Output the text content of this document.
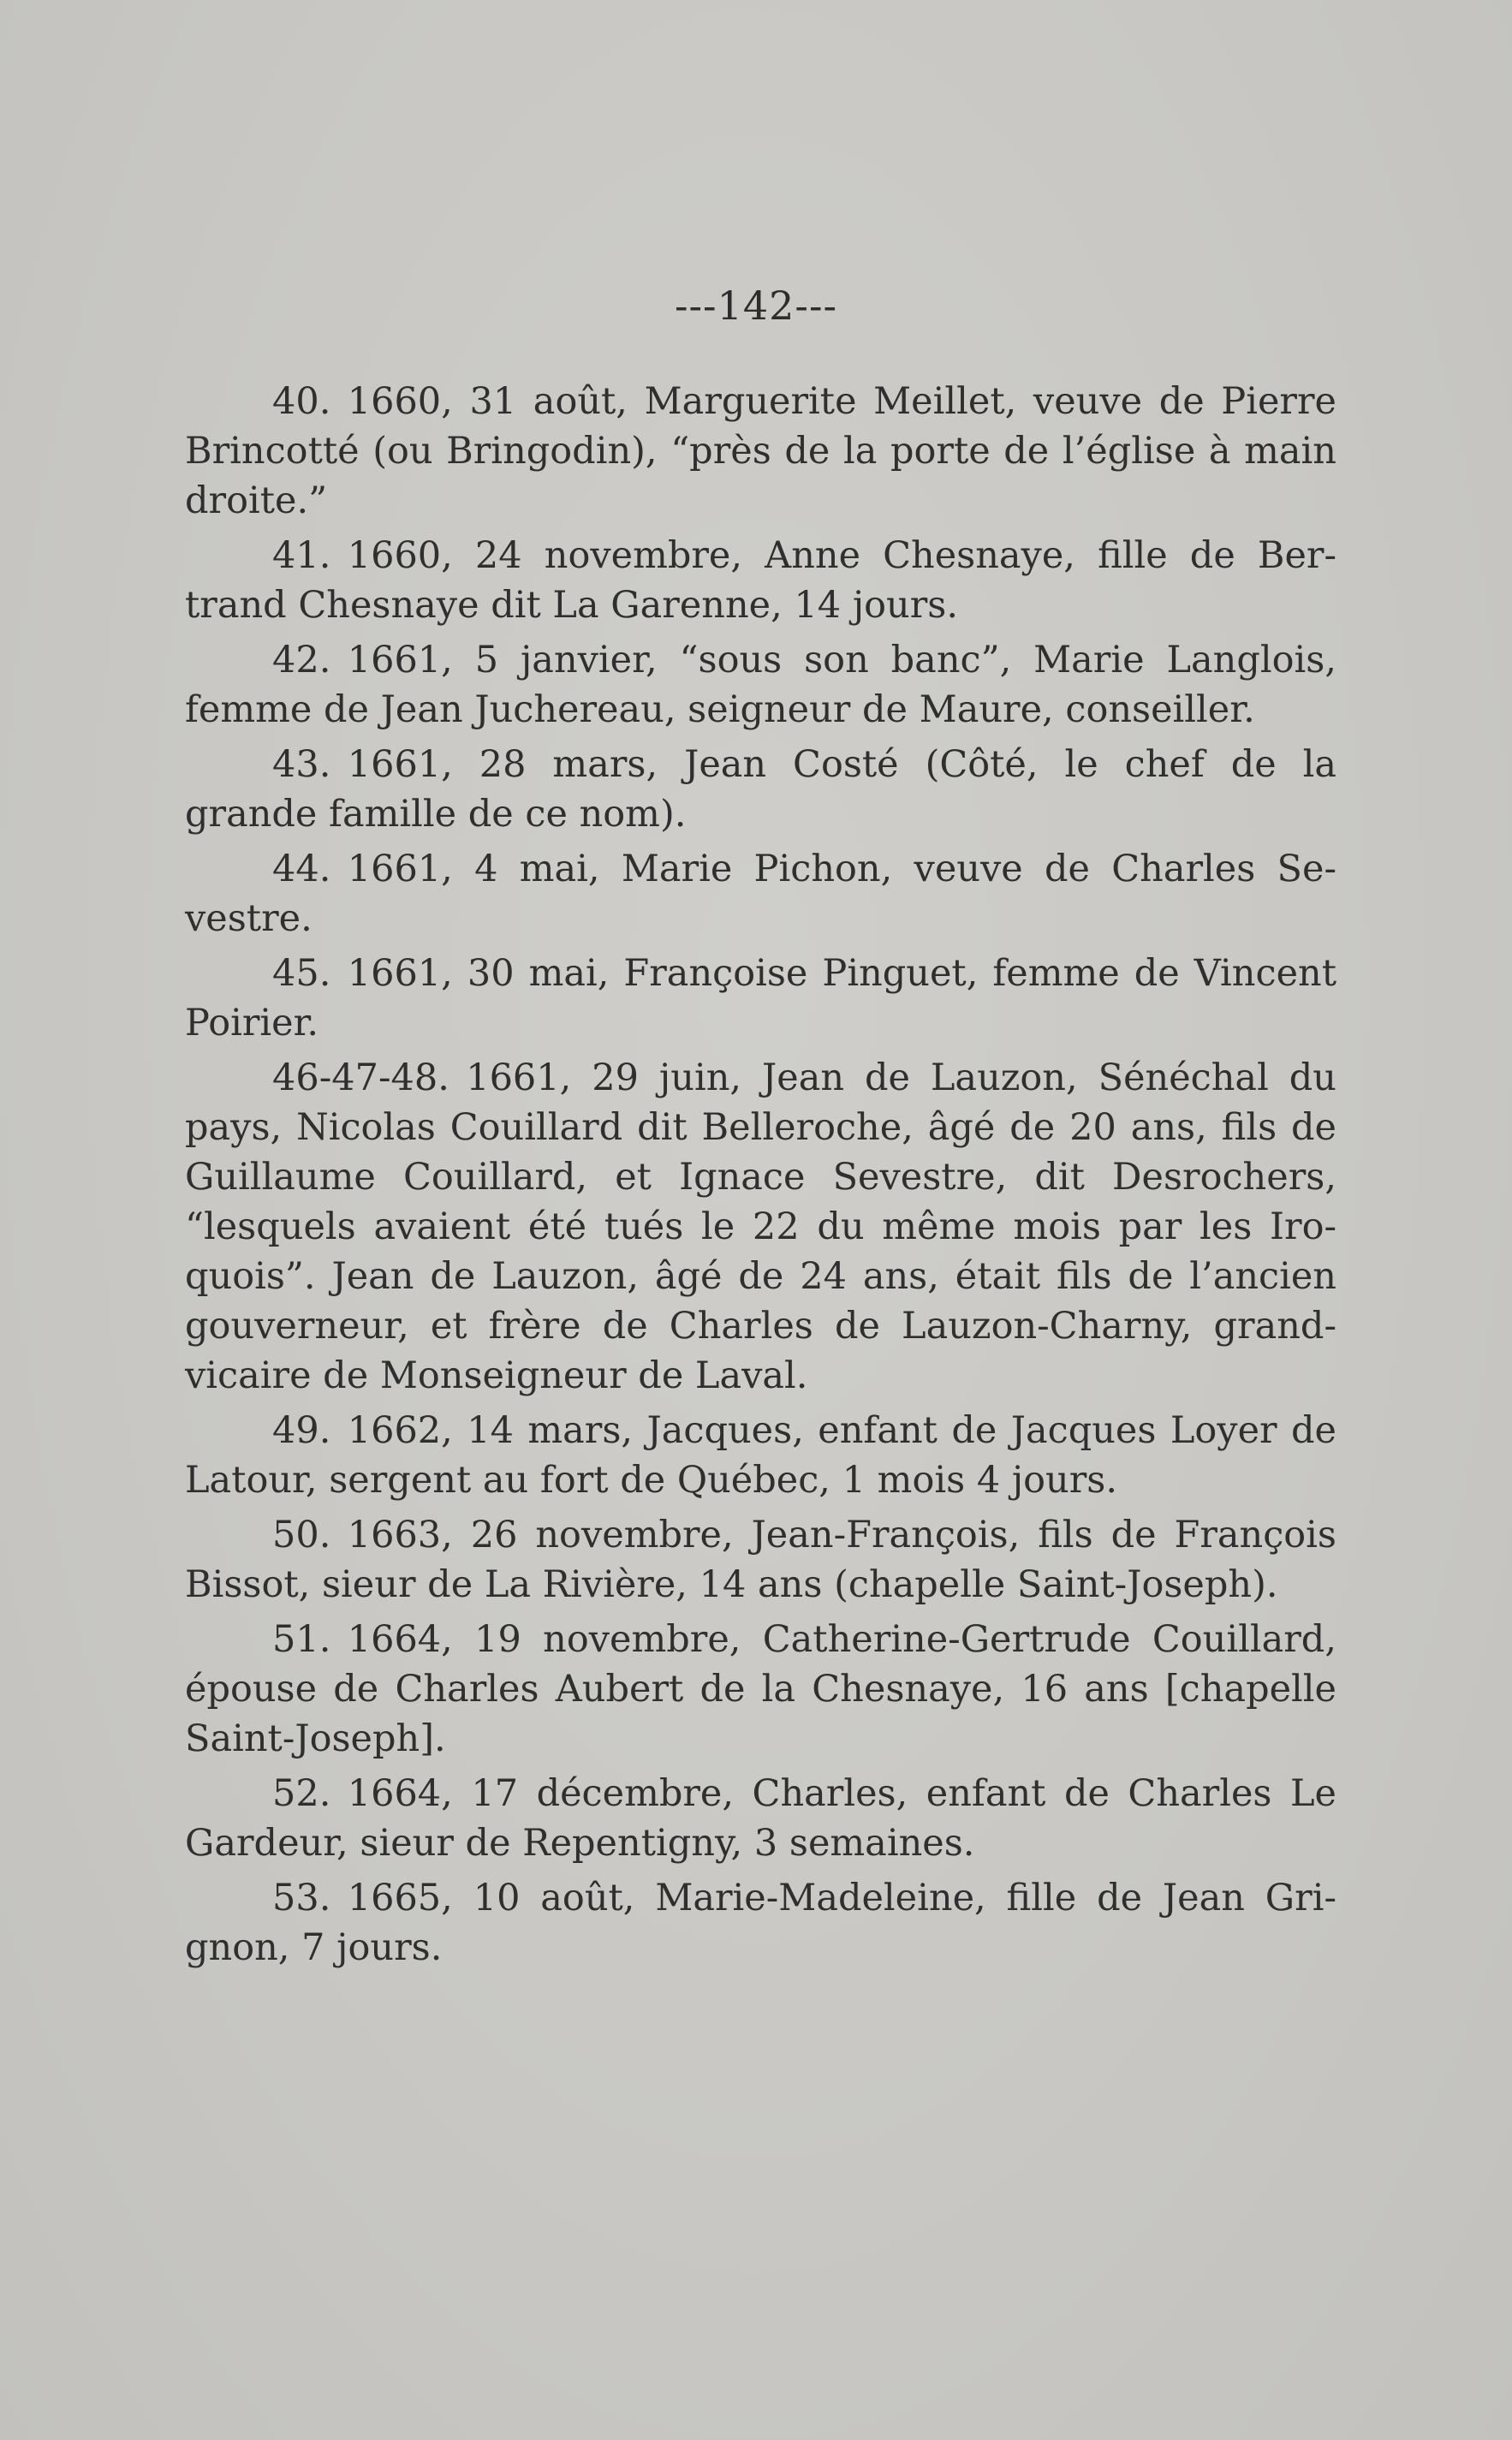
---142---

40. 1660, 31 août, Marguerite Meillet, veuve de Pierre Brincotté (ou Bringodin), “près de la porte de l’église à main droite.”

41. 1660, 24 novembre, Anne Chesnaye, fille de Bertrand Chesnaye dit La Garenne, 14 jours.

42. 1661, 5 janvier, “sous son banc”, Marie Langlois, femme de Jean Juchereau, seigneur de Maure, conseiller.

43. 1661, 28 mars, Jean Costé (Côté, le chef de la grande famille de ce nom).

44. 1661, 4 mai, Marie Pichon, veuve de Charles Sevestre.

45. 1661, 30 mai, Françoise Pinguet, femme de Vincent Poirier.

46-47-48. 1661, 29 juin, Jean de Lauzon, Sénéchal du pays, Nicolas Couillard dit Belleroche, âgé de 20 ans, fils de Guillaume Couillard, et Ignace Sevestre, dit Desrochers, “lesquels avaient été tués le 22 du même mois par les Iroquois”. Jean de Lauzon, âgé de 24 ans, était fils de l’ancien gouverneur, et frère de Charles de Lauzon-Charny, grand-vicaire de Monseigneur de Laval.

49. 1662, 14 mars, Jacques, enfant de Jacques Loyer de Latour, sergent au fort de Québec, 1 mois 4 jours.

50. 1663, 26 novembre, Jean-François, fils de François Bissot, sieur de La Rivière, 14 ans (chapelle Saint-Joseph).

51. 1664, 19 novembre, Catherine-Gertrude Couillard, épouse de Charles Aubert de la Chesnaye, 16 ans [chapelle Saint-Joseph].

52. 1664, 17 décembre, Charles, enfant de Charles Le Gardeur, sieur de Repentigny, 3 semaines.

53. 1665, 10 août, Marie-Madeleine, fille de Jean Grignon, 7 jours.
